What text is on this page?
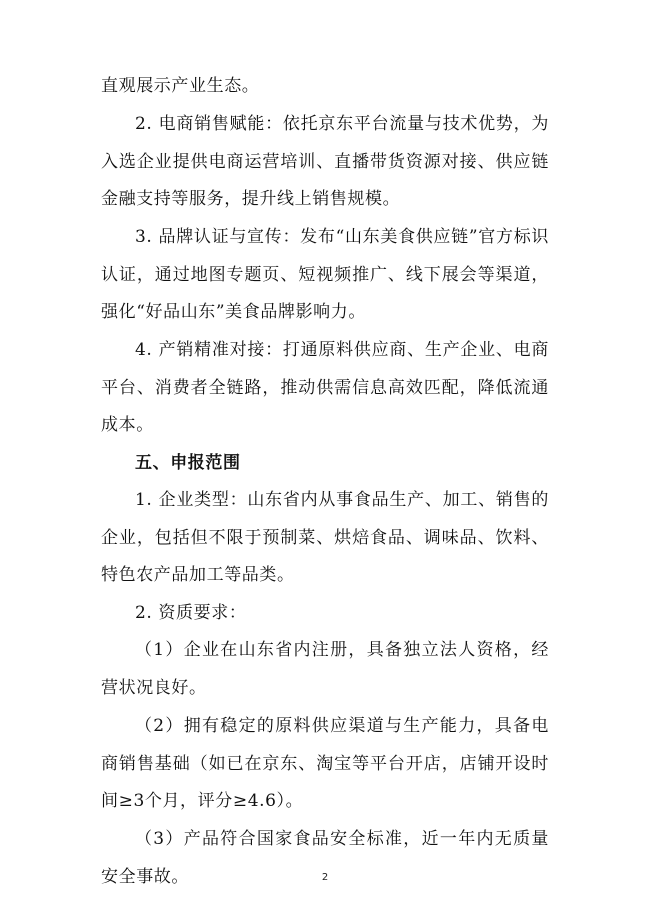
直观展示产业生态。

2. 电商销售赋能：依托京东平台流量与技术优势，为入选企业提供电商运营培训、直播带货资源对接、供应链金融支持等服务，提升线上销售规模。

3. 品牌认证与宣传：发布“山东美食供应链”官方标识认证，通过地图专题页、短视频推广、线下展会等渠道，强化“好品山东”美食品牌影响力。

4. 产销精准对接：打通原料供应商、生产企业、电商平台、消费者全链路，推动供需信息高效匹配，降低流通成本。

五、申报范围

1. 企业类型：山东省内从事食品生产、加工、销售的企业，包括但不限于预制菜、烘焙食品、调味品、饮料、特色农产品加工等品类。

2. 资质要求：

（1）企业在山东省内注册，具备独立法人资格，经营状况良好。

（2）拥有稳定的原料供应渠道与生产能力，具备电商销售基础（如已在京东、淘宝等平台开店，店铺开设时间≥3个月，评分≥4.6）。

（3）产品符合国家食品安全标准，近一年内无质量安全事故。	2
